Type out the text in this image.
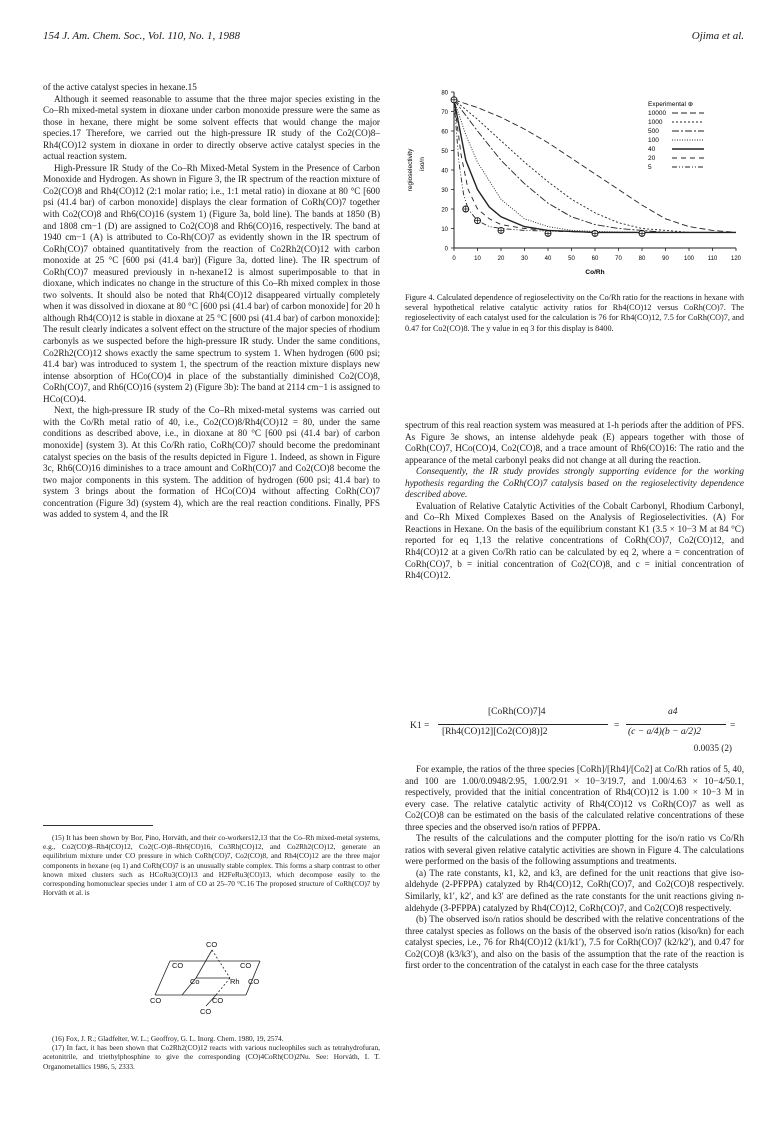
154 J. Am. Chem. Soc., Vol. 110, No. 1, 1988	Ojima et al.

of the active catalyst species in hexane.15

Although it seemed reasonable to assume that the three major species existing in the Co–Rh mixed-metal system in dioxane under carbon monoxide pressure were the same as those in hexane, there might be some solvent effects that would change the major species.17 Therefore, we carried out the high-pressure IR study of the Co2(CO)8–Rh4(CO)12 system in dioxane in order to directly observe active catalyst species in the actual reaction system.

High-Pressure IR Study of the Co–Rh Mixed-Metal System in the Presence of Carbon Monoxide and Hydrogen. As shown in Figure 3, the IR spectrum of the reaction mixture of Co2(CO)8 and Rh4(CO)12 (2:1 molar ratio; i.e., 1:1 metal ratio) in dioxane at 80 °C [600 psi (41.4 bar) of carbon monoxide] displays the clear formation of CoRh(CO)7 together with Co2(CO)8 and Rh6(CO)16 (system 1) (Figure 3a, bold line). The bands at 1850 (B) and 1808 cm−1 (D) are assigned to Co2(CO)8 and Rh6(CO)16, respectively. The band at 1940 cm−1 (A) is attributed to Co-Rh(CO)7 as evidently shown in the IR spectrum of CoRh(CO)7 obtained quantitatively from the reaction of Co2Rh2(CO)12 with carbon monoxide at 25 °C [600 psi (41.4 bar)] (Figure 3a, dotted line). The IR spectrum of CoRh(CO)7 measured previously in n-hexane12 is almost superimposable to that in dioxane, which indicates no change in the structure of this Co–Rh mixed complex in those two solvents. It should also be noted that Rh4(CO)12 disappeared virtually completely when it was dissolved in dioxane at 80 °C [600 psi (41.4 bar) of carbon monoxide] for 20 h although Rh4(CO)12 is stable in dioxane at 25 °C [600 psi (41.4 bar) of carbon monoxide]: The result clearly indicates a solvent effect on the structure of the major species of rhodium carbonyls as we suspected before the high-pressure IR study. Under the same conditions, Co2Rh2(CO)12 shows exactly the same spectrum to system 1. When hydrogen (600 psi; 41.4 bar) was introduced to system 1, the spectrum of the reaction mixture displays new intense absorption of HCo(CO)4 in place of the substantially diminished Co2(CO)8, CoRh(CO)7, and Rh6(CO)16 (system 2) (Figure 3b): The band at 2114 cm−1 is assigned to HCo(CO)4.

Next, the high-pressure IR study of the Co–Rh mixed-metal systems was carried out with the Co/Rh metal ratio of 40, i.e., Co2(CO)8/Rh4(CO)12 = 80, under the same conditions as described above, i.e., in dioxane at 80 °C [600 psi (41.4 bar) of carbon monoxide] (system 3). At this Co/Rh ratio, CoRh(CO)7 should become the predominant catalyst species on the basis of the results depicted in Figure 1. Indeed, as shown in Figure 3c, Rh6(CO)16 diminishes to a trace amount and CoRh(CO)7 and Co2(CO)8 become the two major components in this system. The addition of hydrogen (600 psi; 41.4 bar) to system 3 brings about the formation of HCo(CO)4 without affecting CoRh(CO)7 concentration (Figure 3d) (system 4), which are the real reaction conditions. Finally, PFS was added to system 4, and the IR

(15) It has been shown by Bor, Pino, Horváth, and their co-workers12,13 that the Co–Rh mixed-metal systems, e.g., Co2(CO)8–Rh4(CO)12, Co2(C-O)8–Rh6(CO)16, Co3Rh(CO)12, and Co2Rh2(CO)12, generate an equilibrium mixture under CO pressure in which CoRh(CO)7, Co2(CO)8, and Rh4(CO)12 are the three major components in hexane (eq 1) and CoRh(CO)7 is an unusually stable complex. This forms a sharp contrast to other known mixed clusters such as HCoRu3(CO)13 and H2FeRu3(CO)13, which decompose easily to the corresponding homonuclear species under 1 atm of CO at 25–70 °C.16 The proposed structure of CoRh(CO)7 by Horváth et al. is

CO
CO	CO
Co	Rh CO
CO	CO
CO

(16) Fox, J. R.; Gladfelter, W. L.; Geoffroy, G. L. Inorg. Chem. 1980, 19, 2574.

(17) In fact, it has been shown that Co2Rh2(CO)12 reacts with various nucleophiles such as tetrahydrofuran, acetonitrile, and triethylphosphine to give the corresponding (CO)4CoRh(CO)2Nu. See: Horváth, I. T. Organometallics 1986, 5, 2333.

0
10
20
30
40
50
60
70
80
0	10	20	30	40	50	60	70	80	90	100 110 120
Co/Rh
regioselectivity iso/n
Experimental ⊕
10000
1000
500
100
40
20
5
Figure 4. Calculated dependence of regioselectivity on the Co/Rh ratio for the reactions in hexane with several hypothetical relative catalytic activity ratios for Rh4(CO)12 versus CoRh(CO)7. The regioselectivity of each catalyst used for the calculation is 76 for Rh4(CO)12, 7.5 for CoRh(CO)7, and 0.47 for Co2(CO)8. The y value in eq 3 for this display is 8400.

spectrum of this real reaction system was measured at 1-h periods after the addition of PFS. As Figure 3e shows, an intense aldehyde peak (E) appears together with those of CoRh(CO)7, HCo(CO)4, Co2(CO)8, and a trace amount of Rh6(CO)16: The ratio and the appearance of the metal carbonyl peaks did not change at all during the reaction.

Consequently, the IR study provides strongly supporting evidence for the working hypothesis regarding the CoRh(CO)7 catalysis based on the regioselectivity dependence described above.

Evaluation of Relative Catalytic Activities of the Cobalt Carbonyl, Rhodium Carbonyl, and Co–Rh Mixed Complexes Based on the Analysis of Regioselectivities. (A) For Reactions in Hexane. On the basis of the equilibrium constant K1 (3.5 × 10−3 M at 84 °C) reported for eq 1,13 the relative concentrations of CoRh(CO)7, Co2(CO)12, and Rh4(CO)12 at a given Co/Rh ratio can be calculated by eq 2, where a = concentration of CoRh(CO)7, b = initial concentration of Co2(CO)8, and c = initial concentration of Rh4(CO)12.

K1 =
[CoRh(CO)7]4
[Rh4(CO)12][Co2(CO)8)]2
=
a4
(c − a/4)(b − a/2)2
=
0.0035 (2)

For example, the ratios of the three species [CoRh]/[Rh4]/[Co2] at Co/Rh ratios of 5, 40, and 100 are 1.00/0.0948/2.95, 1.00/2.91 × 10−3/19.7, and 1.00/4.63 × 10−4/50.1, respectively, provided that the initial concentration of Rh4(CO)12 is 1.00 × 10−3 M in every case. The relative catalytic activity of Rh4(CO)12 vs CoRh(CO)7 as well as Co2(CO)8 can be estimated on the basis of the calculated relative concentrations of these three species and the observed iso/n ratios of PFPPA.

The results of the calculations and the computer plotting for the iso/n ratio vs Co/Rh ratios with several given relative catalytic activities are shown in Figure 4. The calculations were performed on the basis of the following assumptions and treatments.

(a) The rate constants, k1, k2, and k3, are defined for the unit reactions that give iso-aldehyde (2-PFPPA) catalyzed by Rh4(CO)12, CoRh(CO)7, and Co2(CO)8 respectively. Similarly, k1′, k2′, and k3′ are defined as the rate constants for the unit reactions giving n-aldehyde (3-PFPPA) catalyzed by Rh4(CO)12, CoRh(CO)7, and Co2(CO)8 respectively.

(b) The observed iso/n ratios should be described with the relative concentrations of the three catalyst species as follows on the basis of the observed iso/n ratios (kiso/kn) for each catalyst species, i.e., 76 for Rh4(CO)12 (k1/k1′), 7.5 for CoRh(CO)7 (k2/k2′), and 0.47 for Co2(CO)8 (k3/k3′), and also on the basis of the assumption that the rate of the reaction is first order to the concentration of the catalyst in each case for the three catalysts
